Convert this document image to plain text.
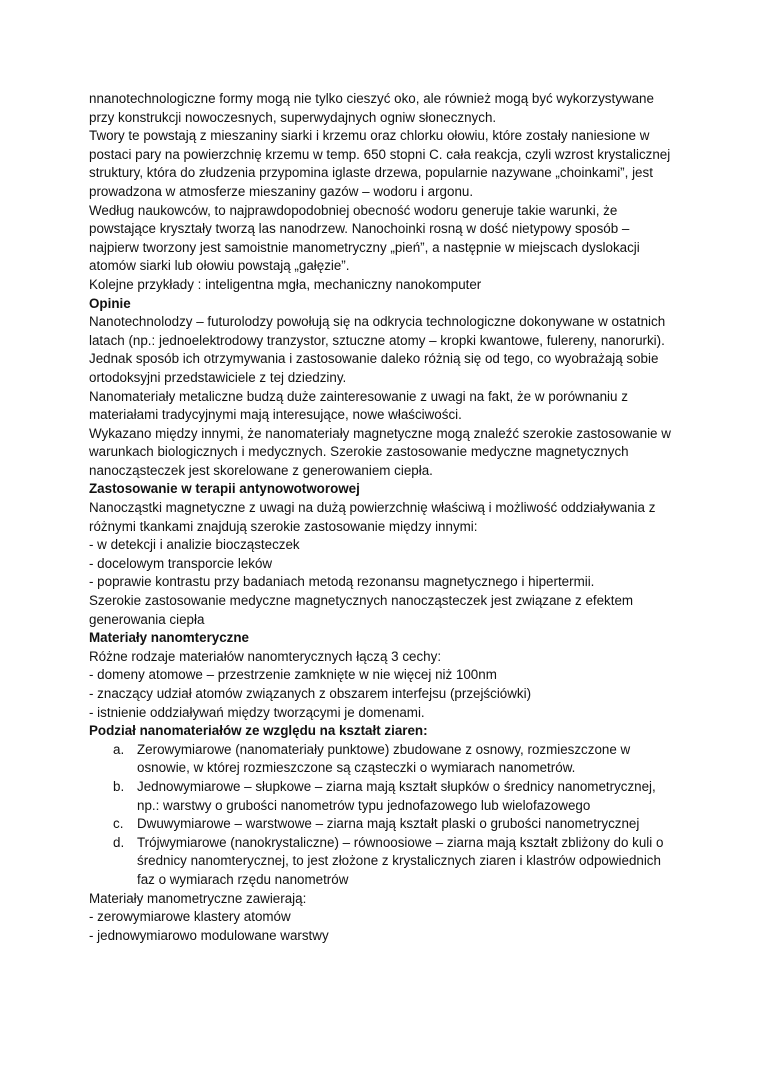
nnanotechnologiczne formy mogą nie tylko cieszyć oko, ale również mogą być wykorzystywane przy konstrukcji nowoczesnych, superwydajnych ogniw słonecznych.

Twory te powstają z mieszaniny siarki i krzemu oraz chlorku ołowiu, które zostały naniesione w postaci pary na powierzchnię krzemu w temp. 650 stopni C. cała reakcja, czyli wzrost krystalicznej struktury, która do złudzenia przypomina iglaste drzewa, popularnie nazywane „choinkami”, jest prowadzona w atmosferze mieszaniny gazów – wodoru i argonu.

Według naukowców, to najprawdopodobniej obecność wodoru generuje takie warunki, że powstające kryształy tworzą las nanodrzew. Nanochoinki rosną w dość nietypowy sposób – najpierw tworzony jest samoistnie manometryczny „pień”, a następnie w miejscach dyslokacji atomów siarki lub ołowiu powstają „gałęzie”.

Kolejne przykłady : inteligentna mgła, mechaniczny nanokomputer

Opinie

Nanotechnolodzy – futurolodzy powołują się na odkrycia technologiczne dokonywane w ostatnich latach (np.: jednoelektrodowy tranzystor, sztuczne atomy – kropki kwantowe, fulereny, nanorurki). Jednak sposób ich otrzymywania i zastosowanie daleko różnią się od tego, co wyobrażają sobie ortodoksyjni przedstawiciele z tej dziedziny.

Nanomateriały metaliczne budzą duże zainteresowanie z uwagi na fakt, że w porównaniu z materiałami tradycyjnymi mają interesujące, nowe właściwości.

Wykazano między innymi, że nanomateriały magnetyczne mogą znaleźć szerokie zastosowanie w warunkach biologicznych i medycznych. Szerokie zastosowanie medyczne magnetycznych nanocząsteczek jest skorelowane z generowaniem ciepła.

Zastosowanie w terapii antynowotworowej

Nanocząstki magnetyczne z uwagi na dużą powierzchnię właściwą i możliwość oddziaływania z różnymi tkankami znajdują szerokie zastosowanie między innymi:

- w detekcji i analizie biocząsteczek
- docelowym transporcie leków
- poprawie kontrastu przy badaniach metodą rezonansu magnetycznego i hipertermii.

Szerokie zastosowanie medyczne magnetycznych nanocząsteczek jest związane z efektem generowania ciepła

Materiały nanomteryczne

Różne rodzaje materiałów nanomterycznych łączą 3 cechy:

- domeny atomowe – przestrzenie zamknięte w nie więcej niż 100nm
- znaczący udział atomów związanych z obszarem interfejsu (przejściówki)
- istnienie oddziaływań między tworzącymi je domenami.

Podział nanomateriałów ze względu na kształt ziaren:

a. Zerowymiarowe (nanomateriały punktowe) zbudowane z osnowy, rozmieszczone w osnowie, w której rozmieszczone są cząsteczki o wymiarach nanometrów.
b. Jednowymiarowe – słupkowe – ziarna mają kształt słupków o średnicy nanometrycznej, np.: warstwy o grubości nanometrów typu jednofazowego lub wielofazowego
c. Dwuwymiarowe – warstwowe – ziarna mają kształt plaski o grubości nanometrycznej
d. Trójwymiarowe (nanokrystaliczne) – równoosiowe – ziarna mają kształt zbliżony do kuli o średnicy nanomterycznej, to jest złożone z krystalicznych ziaren i klastrów odpowiednich faz o wymiarach rzędu nanometrów

Materiały manometryczne zawierają:

- zerowymiarowe klastery atomów
- jednowymiarowo modulowane warstwy
